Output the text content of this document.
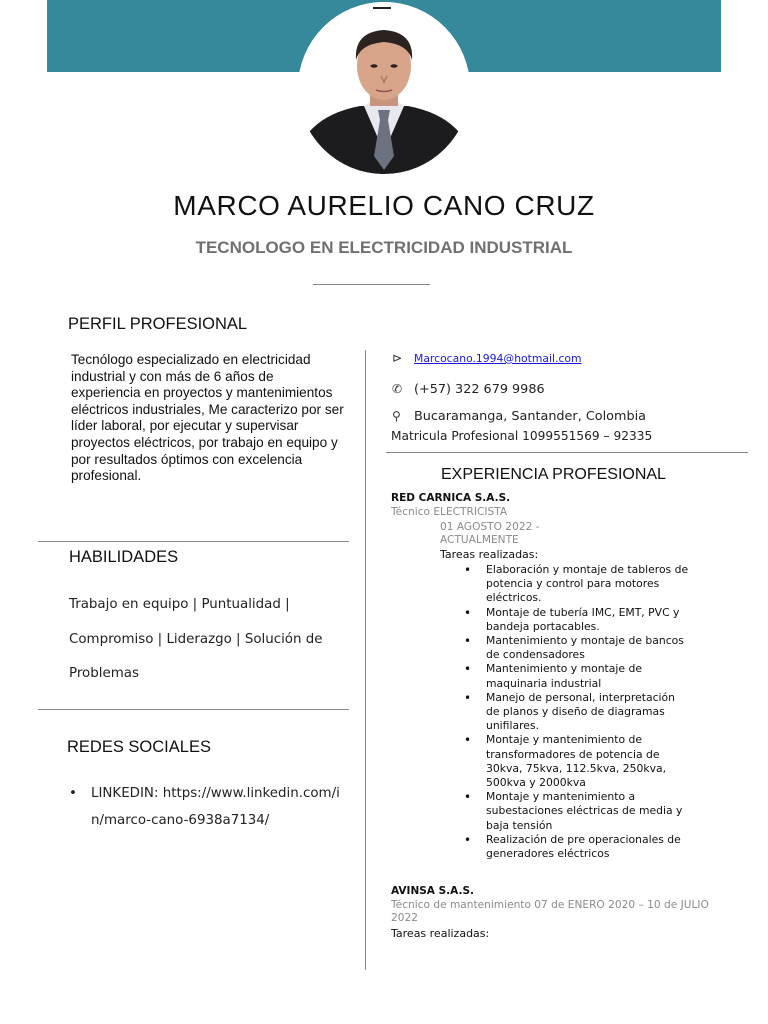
MARCO AURELIO CANO CRUZ
TECNOLOGO EN ELECTRICIDAD INDUSTRIAL
PERFIL PROFESIONAL
Tecnólogo especializado en electricidad industrial y con más de 6 años de experiencia en proyectos y mantenimientos eléctricos industriales, Me caracterizo por ser líder laboral, por ejecutar y supervisar proyectos eléctricos, por trabajo en equipo y por resultados óptimos con excelencia profesional.
HABILIDADES
Trabajo en equipo | Puntualidad | Compromiso | Liderazgo | Solución de Problemas
REDES SOCIALES
• LINKEDIN: https://www.linkedin.com/in/marco-cano-6938a7134/
⊳ Marcocano.1994@hotmail.com
✆ (+57) 322 679 9986
⚲ Bucaramanga, Santander, Colombia
Matricula Profesional 1099551569 – 92335
EXPERIENCIA PROFESIONAL
RED CARNICA S.A.S.
Técnico ELECTRICISTA
01 AGOSTO 2022 - ACTUALMENTE
Tareas realizadas:
• Elaboración y montaje de tableros de potencia y control para motores eléctricos.
• Montaje de tubería IMC, EMT, PVC y bandeja portacables.
• Mantenimiento y montaje de bancos de condensadores
• Mantenimiento y montaje de maquinaria industrial
• Manejo de personal, interpretación de planos y diseño de diagramas unifilares.
• Montaje y mantenimiento de transformadores de potencia de 30kva, 75kva, 112.5kva, 250kva, 500kva y 2000kva
• Montaje y mantenimiento a subestaciones eléctricas de media y baja tensión
• Realización de pre operacionales de generadores eléctricos
AVINSA S.A.S.
Técnico de mantenimiento 07 de ENERO 2020 – 10 de JULIO 2022
Tareas realizadas:
